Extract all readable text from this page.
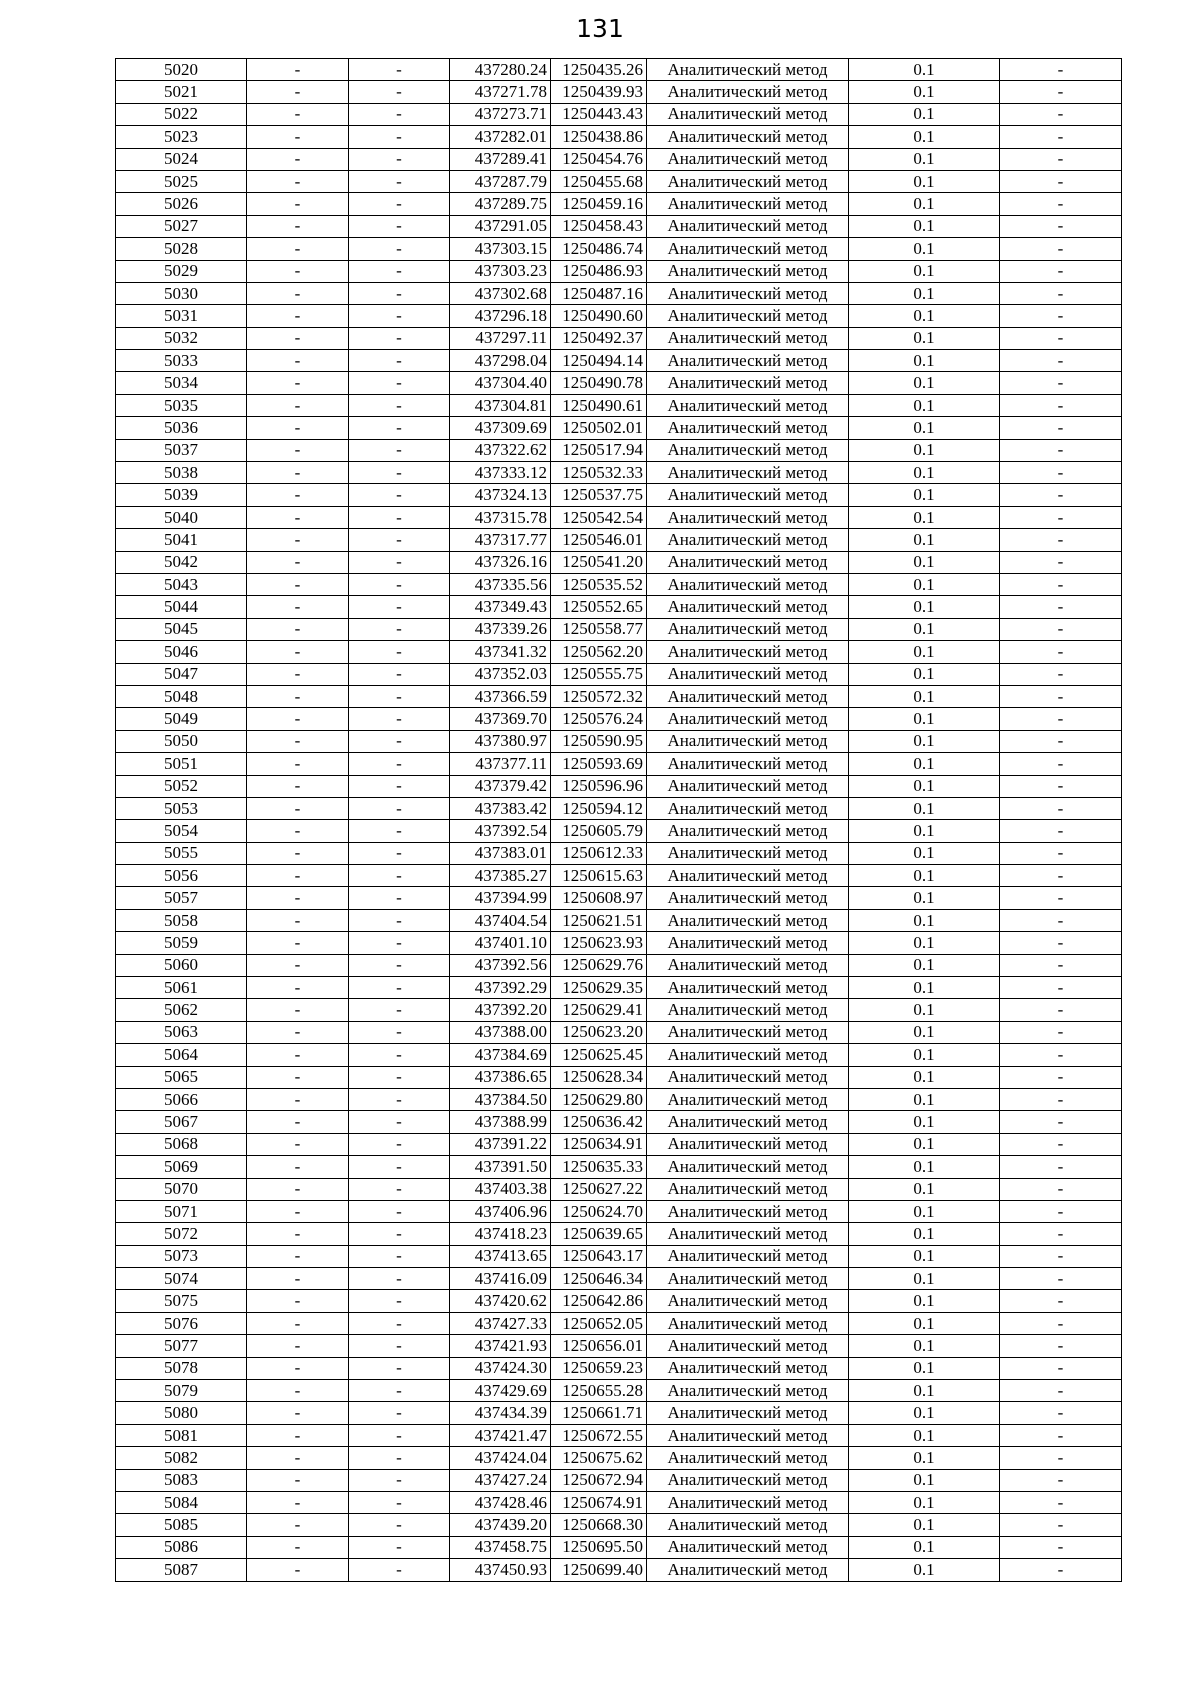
131
5020	-	-	437280.24	1250435.26	Аналитический метод	0.1	-
5021	-	-	437271.78	1250439.93	Аналитический метод	0.1	-
5022	-	-	437273.71	1250443.43	Аналитический метод	0.1	-
5023	-	-	437282.01	1250438.86	Аналитический метод	0.1	-
5024	-	-	437289.41	1250454.76	Аналитический метод	0.1	-
5025	-	-	437287.79	1250455.68	Аналитический метод	0.1	-
5026	-	-	437289.75	1250459.16	Аналитический метод	0.1	-
5027	-	-	437291.05	1250458.43	Аналитический метод	0.1	-
5028	-	-	437303.15	1250486.74	Аналитический метод	0.1	-
5029	-	-	437303.23	1250486.93	Аналитический метод	0.1	-
5030	-	-	437302.68	1250487.16	Аналитический метод	0.1	-
5031	-	-	437296.18	1250490.60	Аналитический метод	0.1	-
5032	-	-	437297.11	1250492.37	Аналитический метод	0.1	-
5033	-	-	437298.04	1250494.14	Аналитический метод	0.1	-
5034	-	-	437304.40	1250490.78	Аналитический метод	0.1	-
5035	-	-	437304.81	1250490.61	Аналитический метод	0.1	-
5036	-	-	437309.69	1250502.01	Аналитический метод	0.1	-
5037	-	-	437322.62	1250517.94	Аналитический метод	0.1	-
5038	-	-	437333.12	1250532.33	Аналитический метод	0.1	-
5039	-	-	437324.13	1250537.75	Аналитический метод	0.1	-
5040	-	-	437315.78	1250542.54	Аналитический метод	0.1	-
5041	-	-	437317.77	1250546.01	Аналитический метод	0.1	-
5042	-	-	437326.16	1250541.20	Аналитический метод	0.1	-
5043	-	-	437335.56	1250535.52	Аналитический метод	0.1	-
5044	-	-	437349.43	1250552.65	Аналитический метод	0.1	-
5045	-	-	437339.26	1250558.77	Аналитический метод	0.1	-
5046	-	-	437341.32	1250562.20	Аналитический метод	0.1	-
5047	-	-	437352.03	1250555.75	Аналитический метод	0.1	-
5048	-	-	437366.59	1250572.32	Аналитический метод	0.1	-
5049	-	-	437369.70	1250576.24	Аналитический метод	0.1	-
5050	-	-	437380.97	1250590.95	Аналитический метод	0.1	-
5051	-	-	437377.11	1250593.69	Аналитический метод	0.1	-
5052	-	-	437379.42	1250596.96	Аналитический метод	0.1	-
5053	-	-	437383.42	1250594.12	Аналитический метод	0.1	-
5054	-	-	437392.54	1250605.79	Аналитический метод	0.1	-
5055	-	-	437383.01	1250612.33	Аналитический метод	0.1	-
5056	-	-	437385.27	1250615.63	Аналитический метод	0.1	-
5057	-	-	437394.99	1250608.97	Аналитический метод	0.1	-
5058	-	-	437404.54	1250621.51	Аналитический метод	0.1	-
5059	-	-	437401.10	1250623.93	Аналитический метод	0.1	-
5060	-	-	437392.56	1250629.76	Аналитический метод	0.1	-
5061	-	-	437392.29	1250629.35	Аналитический метод	0.1	-
5062	-	-	437392.20	1250629.41	Аналитический метод	0.1	-
5063	-	-	437388.00	1250623.20	Аналитический метод	0.1	-
5064	-	-	437384.69	1250625.45	Аналитический метод	0.1	-
5065	-	-	437386.65	1250628.34	Аналитический метод	0.1	-
5066	-	-	437384.50	1250629.80	Аналитический метод	0.1	-
5067	-	-	437388.99	1250636.42	Аналитический метод	0.1	-
5068	-	-	437391.22	1250634.91	Аналитический метод	0.1	-
5069	-	-	437391.50	1250635.33	Аналитический метод	0.1	-
5070	-	-	437403.38	1250627.22	Аналитический метод	0.1	-
5071	-	-	437406.96	1250624.70	Аналитический метод	0.1	-
5072	-	-	437418.23	1250639.65	Аналитический метод	0.1	-
5073	-	-	437413.65	1250643.17	Аналитический метод	0.1	-
5074	-	-	437416.09	1250646.34	Аналитический метод	0.1	-
5075	-	-	437420.62	1250642.86	Аналитический метод	0.1	-
5076	-	-	437427.33	1250652.05	Аналитический метод	0.1	-
5077	-	-	437421.93	1250656.01	Аналитический метод	0.1	-
5078	-	-	437424.30	1250659.23	Аналитический метод	0.1	-
5079	-	-	437429.69	1250655.28	Аналитический метод	0.1	-
5080	-	-	437434.39	1250661.71	Аналитический метод	0.1	-
5081	-	-	437421.47	1250672.55	Аналитический метод	0.1	-
5082	-	-	437424.04	1250675.62	Аналитический метод	0.1	-
5083	-	-	437427.24	1250672.94	Аналитический метод	0.1	-
5084	-	-	437428.46	1250674.91	Аналитический метод	0.1	-
5085	-	-	437439.20	1250668.30	Аналитический метод	0.1	-
5086	-	-	437458.75	1250695.50	Аналитический метод	0.1	-
5087	-	-	437450.93	1250699.40	Аналитический метод	0.1	-
